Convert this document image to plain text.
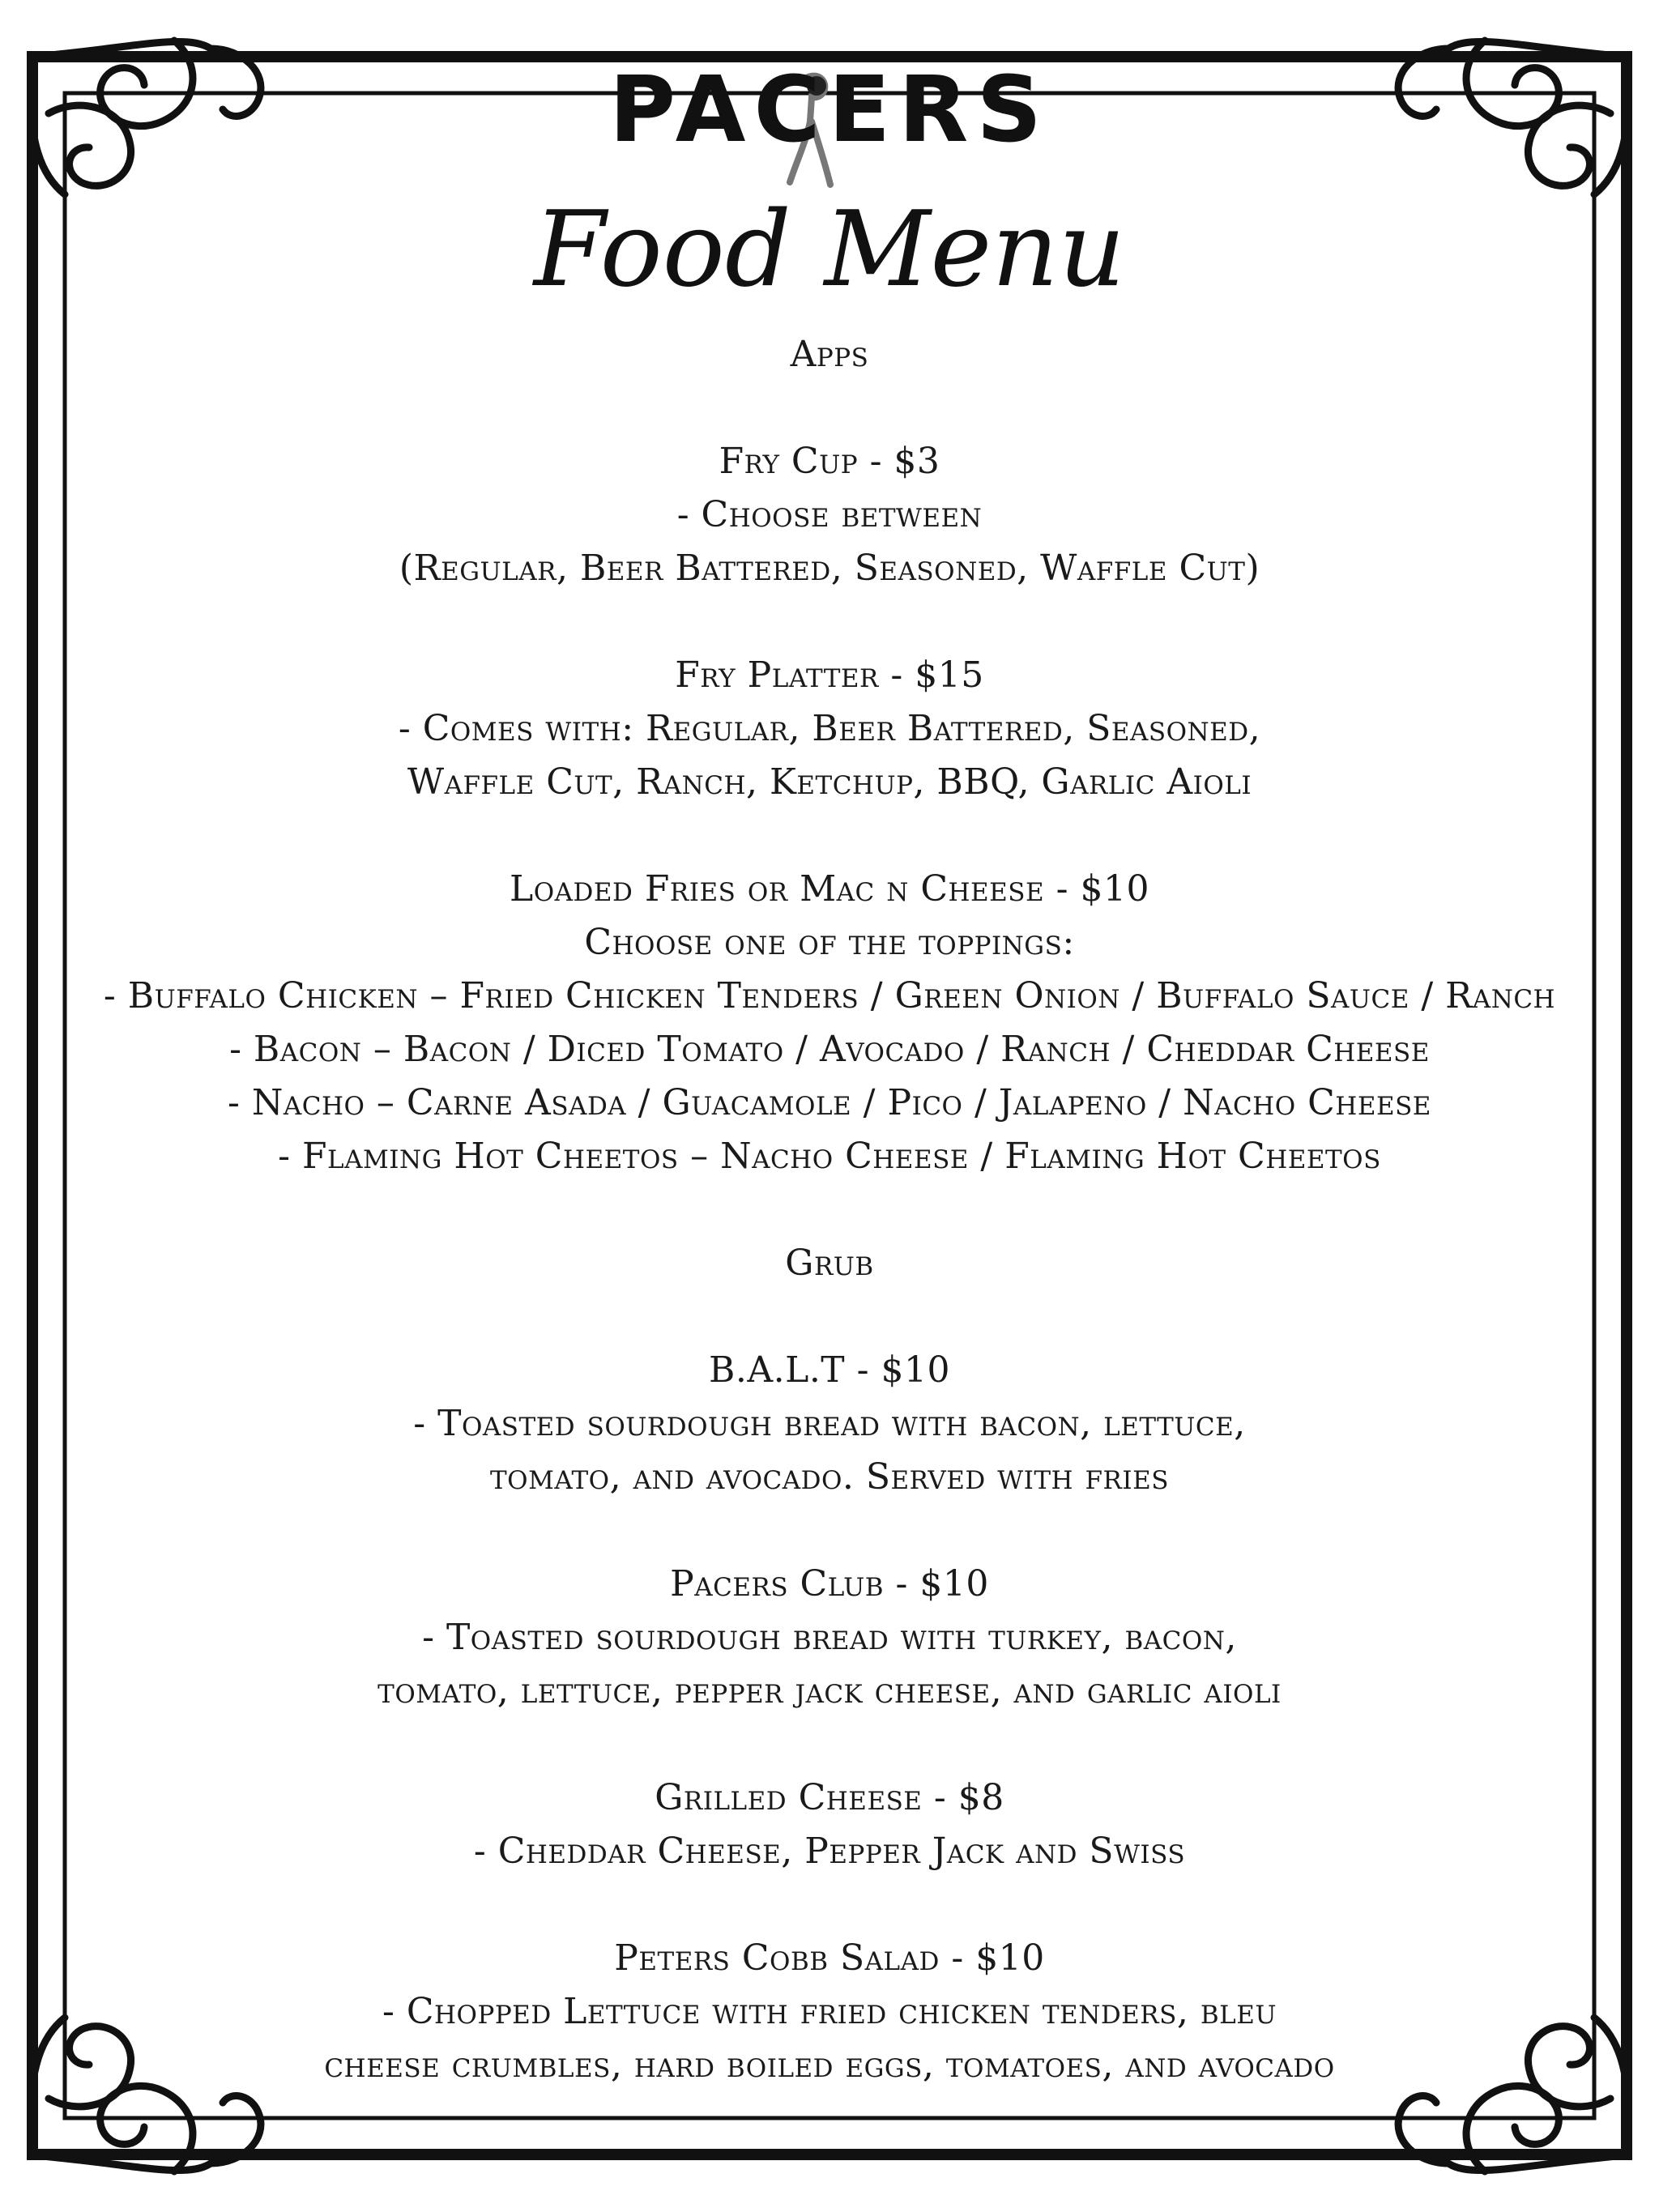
PACERS
Food Menu
Apps
Fry Cup - $3
- Choose between
(Regular, Beer Battered, Seasoned, Waffle Cut)
Fry Platter - $15
- Comes with: Regular, Beer Battered, Seasoned,
Waffle Cut, Ranch, Ketchup, BBQ, Garlic Aioli
Loaded Fries or Mac n Cheese - $10
Choose one of the toppings:
- Buffalo Chicken – Fried Chicken Tenders / Green Onion / Buffalo Sauce / Ranch
- Bacon – Bacon / Diced Tomato / Avocado / Ranch / Cheddar Cheese
- Nacho – Carne Asada / Guacamole / Pico / Jalapeno / Nacho Cheese
- Flaming Hot Cheetos – Nacho Cheese / Flaming Hot Cheetos
Grub
B.A.L.T - $10
- Toasted sourdough bread with bacon, lettuce,
tomato, and avocado. Served with fries
Pacers Club - $10
- Toasted sourdough bread with turkey, bacon,
tomato, lettuce, pepper jack cheese, and garlic aioli
Grilled Cheese - $8
- Cheddar Cheese, Pepper Jack and Swiss
Peters Cobb Salad - $10
- Chopped Lettuce with fried chicken tenders, bleu
cheese crumbles, hard boiled eggs, tomatoes, and avocado
